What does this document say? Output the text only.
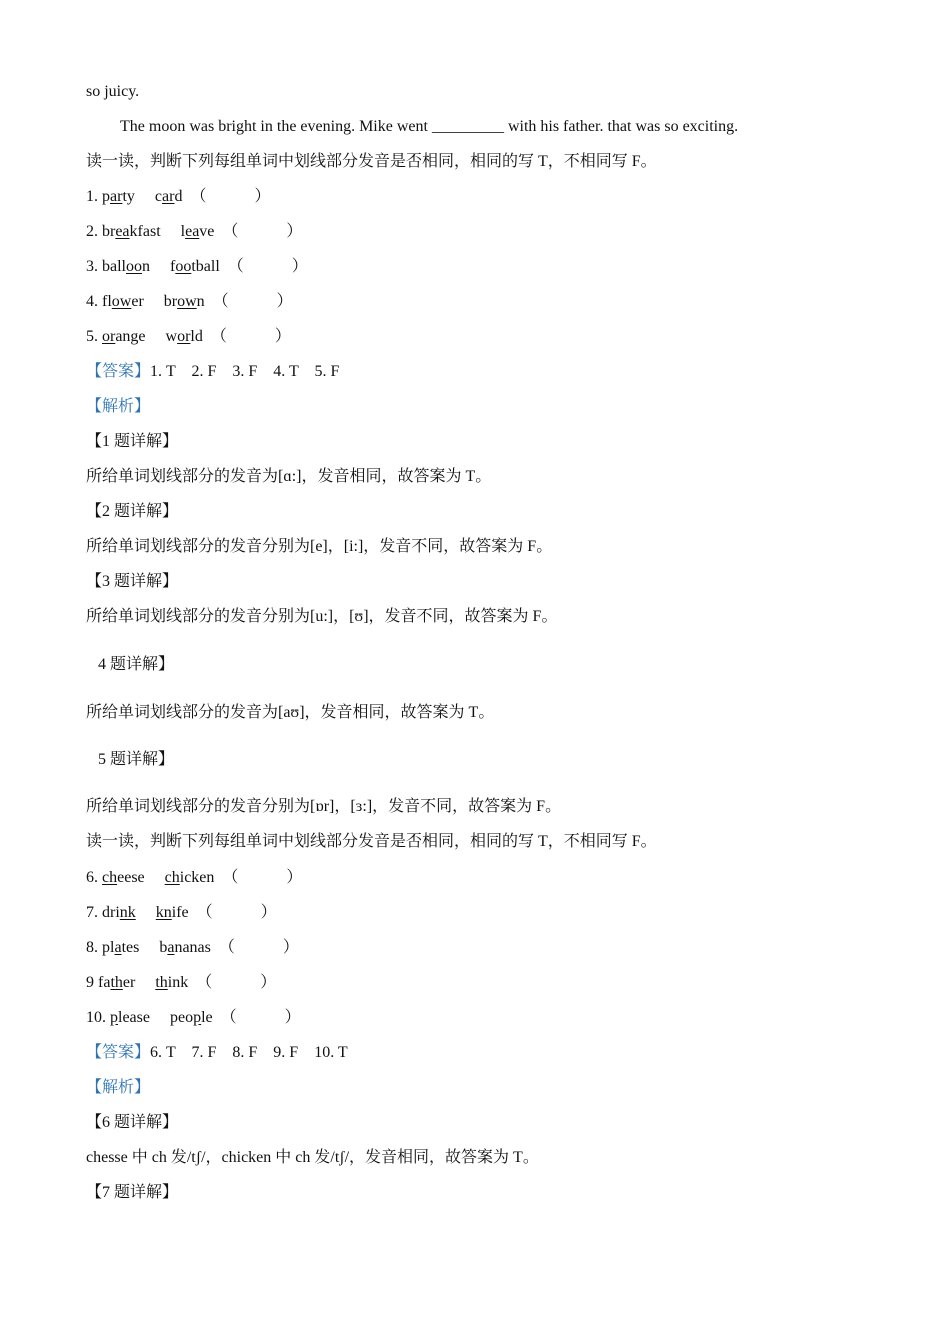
so juicy.
The moon was bright in the evening. Mike went _________ with his father. that was so exciting.
读一读，判断下列每组单词中划线部分发音是否相同，相同的写 T，不相同写 F。
1. party card （            ）
2. breakfast leave （            ）
3. balloon football （            ）
4. flower brown （            ）
5. orange world （            ）
【答案】1. T    2. F    3. F    4. T    5. F
【解析】
【1 题详解】
所给单词划线部分的发音为[ɑ:]，发音相同，故答案为 T。
【2 题详解】
所给单词划线部分的发音分别为[e]，[i:]，发音不同，故答案为 F。
【3 题详解】
所给单词划线部分的发音分别为[u:]，[ʊ]，发音不同，故答案为 F。
4 题详解】
所给单词划线部分的发音为[aʊ]，发音相同，故答案为 T。
5 题详解】
所给单词划线部分的发音分别为[ɒr]，[ɜ:]，发音不同，故答案为 F。
读一读，判断下列每组单词中划线部分发音是否相同，相同的写 T，不相同写 F。
6. cheese chicken （            ）
7. drink knife （            ）
8. plates bananas （            ）
9 father think （            ）
10. please people （            ）
【答案】6. T    7. F    8. F    9. F    10. T
【解析】
【6 题详解】
chesse 中 ch 发/tʃ/，chicken 中 ch 发/tʃ/，发音相同，故答案为 T。
【7 题详解】
